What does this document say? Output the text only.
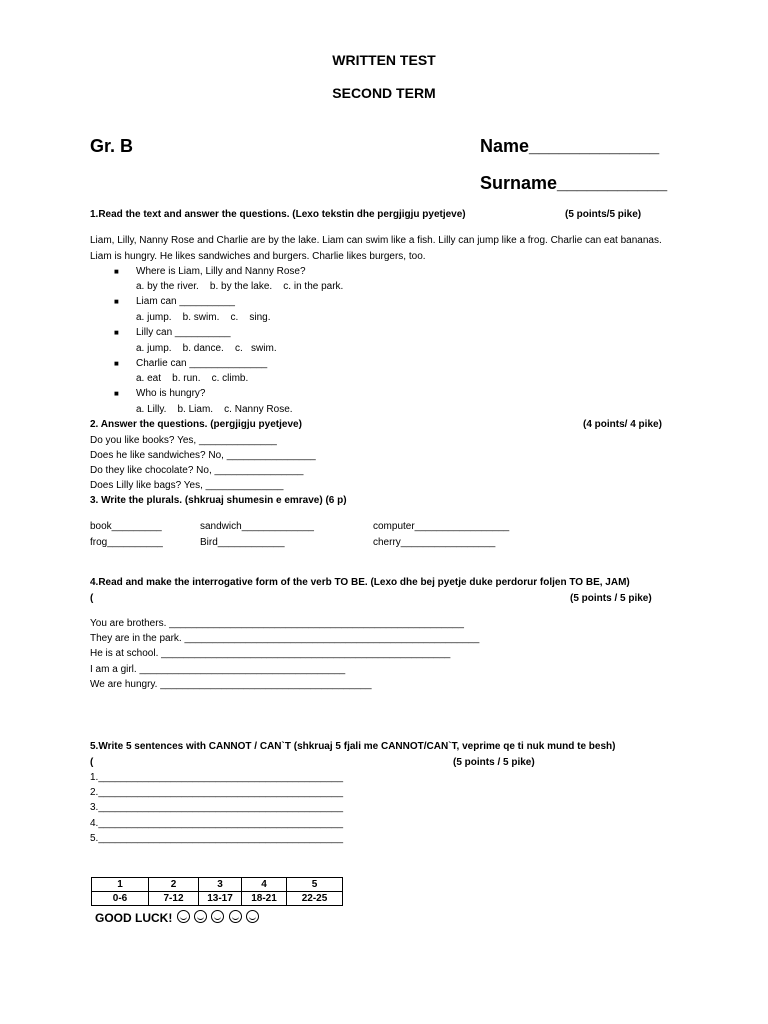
WRITTEN TEST
SECOND TERM
Gr. B	Name_____________
Surname___________
1.Read the text and answer the questions. (Lexo tekstin dhe pergjigju pyetjeve)	(5 points/5 pike)
Liam, Lilly, Nanny Rose and Charlie are by the lake. Liam can swim like a fish. Lilly can jump like a frog. Charlie can eat bananas.
Liam is hungry. He likes sandwiches and burgers. Charlie likes burgers, too.
■ Where is Liam, Lilly and Nanny Rose?
a. by the river.    b. by the lake.    c. in the park.
■ Liam can __________
a. jump.    b. swim.    c.    sing.
■ Lilly can __________
a. jump.    b. dance.    c.   swim.
■ Charlie can ______________
a. eat    b. run.    c. climb.
■ Who is hungry?
a. Lilly.    b. Liam.    c. Nanny Rose.
2. Answer the questions. (pergjigju pyetjeve)	(4 points/ 4 pike)
Do you like books? Yes, ______________
Does he like sandwiches? No, ________________
Do they like chocolate? No, ________________
Does Lilly like bags? Yes, ______________
3. Write the plurals. (shkruaj shumesin e emrave) (6 p)
book_________	sandwich_____________	computer_________________
frog__________	Bird____________	cherry_________________
4.Read and make the interrogative form of the verb TO BE. (Lexo dhe bej pyetje duke perdorur foljen TO BE, JAM)
(	(5 points / 5 pike)
You are brothers. _____________________________________________________
They are in the park. _____________________________________________________
He is at school. ____________________________________________________
I am a girl. _____________________________________
We are hungry. ______________________________________
5.Write 5 sentences with CANNOT / CAN`T (shkruaj 5 fjali me CANNOT/CAN`T, veprime qe ti nuk mund te besh)
(	(5 points / 5 pike)
1.____________________________________________
2.____________________________________________
3.____________________________________________
4.____________________________________________
5.____________________________________________
1	2	3	4	5
0-6	7-12	13-17	18-21	22-25
GOOD LUCK!
